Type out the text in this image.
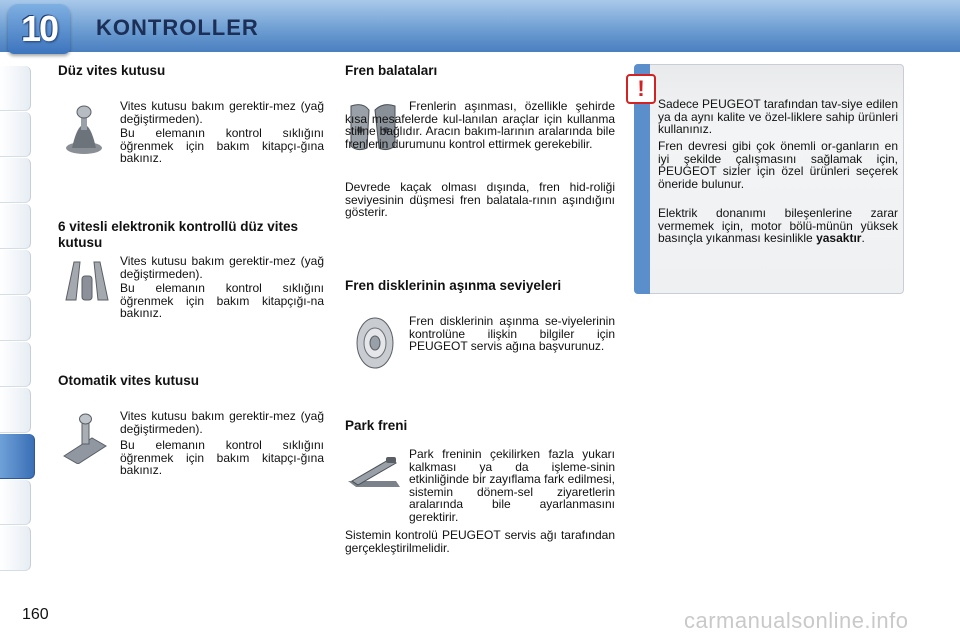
10	KONTROLLER
Düz vites kutusu

Vites kutusu bakım gerektir-mez (yağ değiştirmeden).

Bu elemanın kontrol sıklığını öğrenmek için bakım kitapçı-ğına bakınız.

6 vitesli elektronik kontrollü düz vites kutusu

Vites kutusu bakım gerektir-mez (yağ değiştirmeden).

Bu elemanın kontrol sıklığını öğrenmek için bakım kitapçığı-na bakınız.

Otomatik vites kutusu

Vites kutusu bakım gerektir-mez (yağ değiştirmeden).

Bu elemanın kontrol sıklığını öğrenmek için bakım kitapçı-ğına bakınız.

Fren balataları

Frenlerin aşınması, özellikle şehirde kısa mesafelerde kul-lanılan araçlar için kullanma stiline bağlıdır. Aracın bakım-larının aralarında bile frenlerin durumunu kontrol ettirmek gerekebilir.

Devrede kaçak olması dışında, fren hid-roliği seviyesinin düşmesi fren balatala-rının aşındığını gösterir.

Fren disklerinin aşınma seviyeleri

Fren disklerinin aşınma se-viyelerinin kontrolüne ilişkin bilgiler için PEUGEOT servis ağına başvurunuz.

Park freni

Park freninin çekilirken fazla yukarı kalkması ya da işleme-sinin etkinliğinde bir zayıflama fark edilmesi, sistemin dönem-sel ziyaretlerin aralarında bile ayarlanmasını gerektirir.

Sistemin kontrolü PEUGEOT servis ağı tarafından gerçekleştirilmelidir.

!

Sadece PEUGEOT tarafından tav-siye edilen ya da aynı kalite ve özel-liklere sahip ürünleri kullanınız.

Fren devresi gibi çok önemli or-ganların en iyi şekilde çalışmasını sağlamak için, PEUGEOT sizler için özel ürünleri seçerek öneride bulunur.

Elektrik donanımı bileşenlerine zarar vermemek için, motor bölü-münün yüksek basınçla yıkanması kesinlikle yasaktır.

160	carmanualsonline.info
